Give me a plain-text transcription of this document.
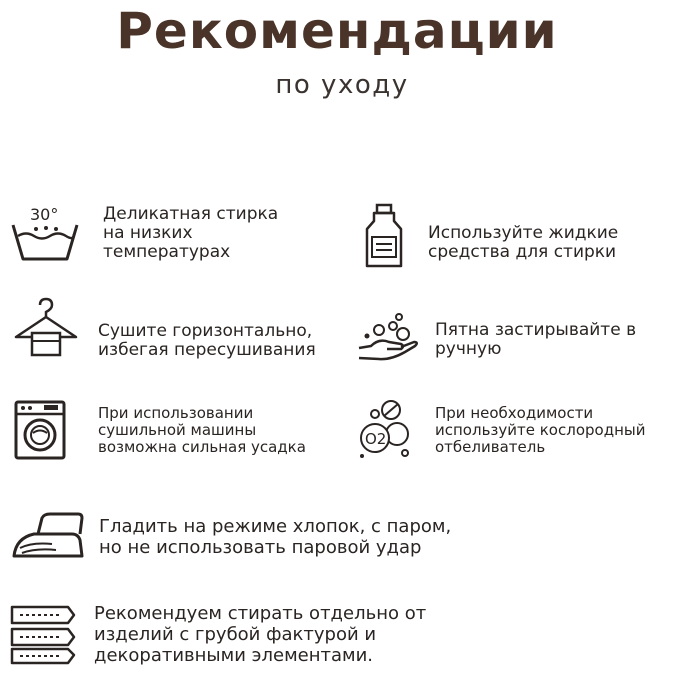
Рекомендации
по уходу
30°	Деликатная стирка
на низких
температурах
Используйте жидкие
средства для стирки
Сушите горизонтально,
избегая пересушивания
Пятна застирывайте в
ручную
При использовании
сушильной машины
возможна сильная усадка	O2
При необходимости
используйте кослородный
отбеливатель
Гладить на режиме хлопок, с паром,
но не использовать паровой удар
Рекомендуем стирать отдельно от
изделий с грубой фактурой и
декоративными элементами.
